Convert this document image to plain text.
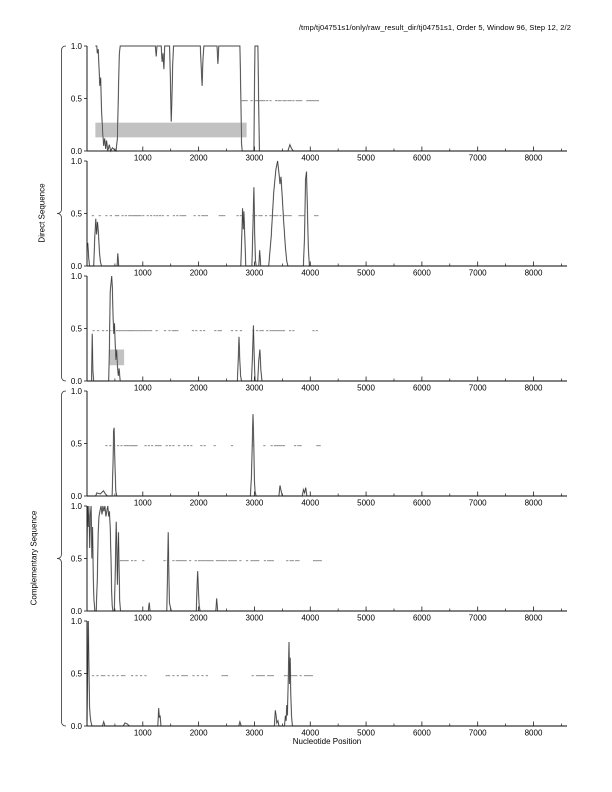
/tmp/tj04751s1/only/raw_result_dir/tj04751s1, Order 5, Window 96, Step 12, 2/2
Direct Sequence
Complementary Sequence
Nucleotide Position
1000	2000	3000	4000	5000	6000	7000	8000
0.0
0.5
1.0
1000	2000	3000	4000	5000	6000	7000	8000
0.0
0.5
1.0
1000	2000	3000	4000	5000	6000	7000	8000
0.0
0.5
1.0
1000	2000	3000	4000	5000	6000	7000	8000
0.0
0.5
1.0
1000	2000	3000	4000	5000	6000	7000	8000
0.0
0.5
1.0
1000	2000	3000	4000	5000	6000	7000	8000
0.0
0.5
1.0
